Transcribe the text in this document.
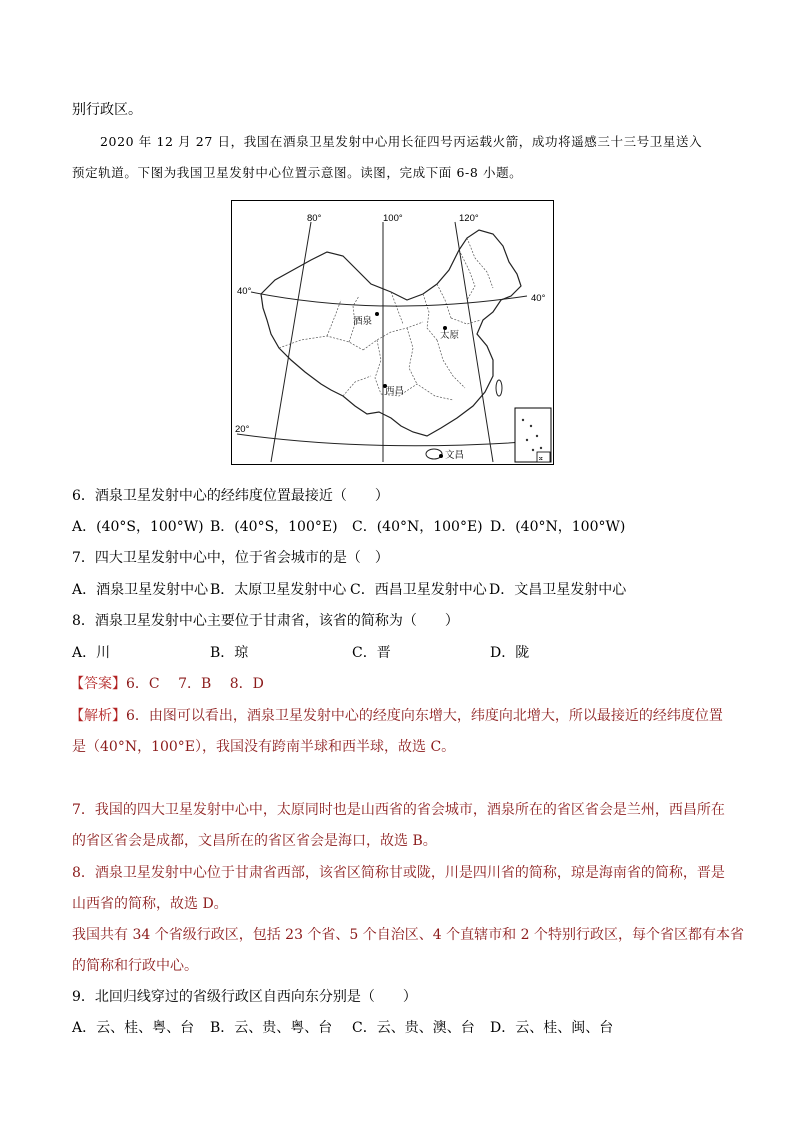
别行政区。
2020 年 12 月 27 日，我国在酒泉卫星发射中心用长征四号丙运载火箭，成功将遥感三十三号卫星送入
预定轨道。下图为我国卫星发射中心位置示意图。读图，完成下面 6-8 小题。
𝄪
80°	100°	120°
40°
40°
20°
酒泉
太原
西昌
文昌
6．酒泉卫星发射中心的经纬度位置最接近（　　）
A．(40°S，100°W) B．(40°S，100°E) C．(40°N，100°E) D．(40°N，100°W)
7．四大卫星发射中心中，位于省会城市的是（　）
A．酒泉卫星发射中心 B．太原卫星发射中心 C．西昌卫星发射中心 D．文昌卫星发射中心
8．酒泉卫星发射中心主要位于甘肃省，该省的简称为（　　）
A．川	B．琼	C．晋	D．陇
【答案】6．C　 7．B　 8．D
【解析】6．由图可以看出，酒泉卫星发射中心的经度向东增大，纬度向北增大，所以最接近的经纬度位置
是（40°N，100°E），我国没有跨南半球和西半球，故选 C。
7．我国的四大卫星发射中心中，太原同时也是山西省的省会城市，酒泉所在的省区省会是兰州，西昌所在
的省区省会是成都，文昌所在的省区省会是海口，故选 B。
8．酒泉卫星发射中心位于甘肃省西部，该省区简称甘或陇，川是四川省的简称，琼是海南省的简称，晋是
山西省的简称，故选 D。
我国共有 34 个省级行政区，包括 23 个省、5 个自治区、4 个直辖市和 2 个特别行政区，每个省区都有本省
的简称和行政中心。
9．北回归线穿过的省级行政区自西向东分别是（　　）
A．云、桂、粤、台 B．云、贵、粤、台 C．云、贵、澳、台 D．云、桂、闽、台
